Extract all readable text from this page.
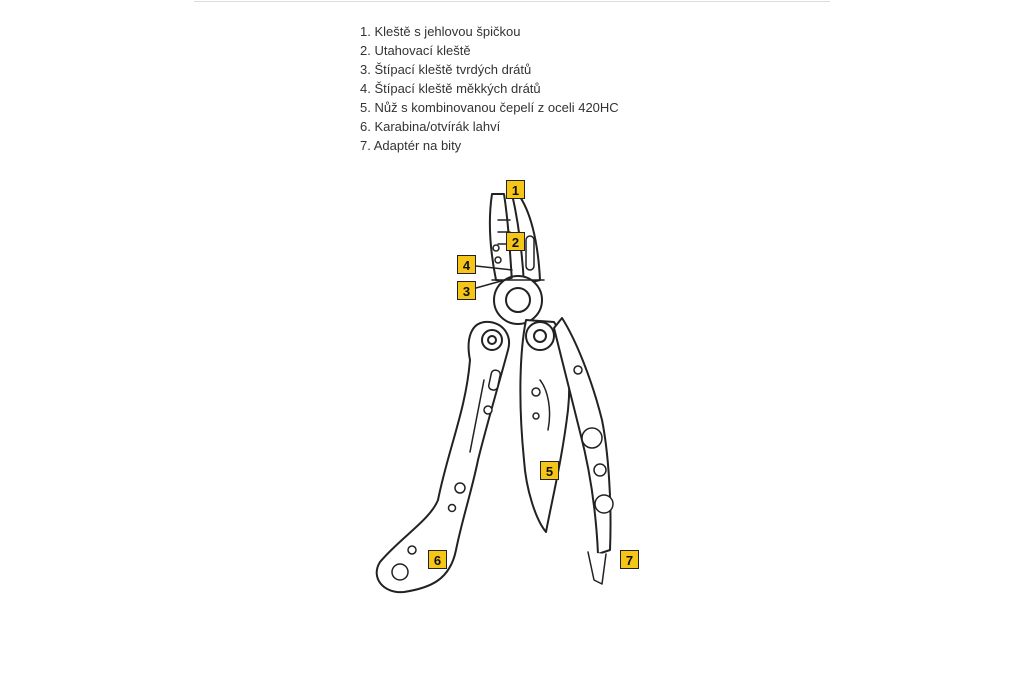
1. Kleště s jehlovou špičkou
2. Utahovací kleště
3. Štípací kleště tvrdých drátů
4. Štípací kleště měkkých drátů
5. Nůž s kombinovanou čepelí z oceli 420HC
6. Karabina/otvírák lahví
7. Adaptér na bity
1
2
4
3
5
6	7
